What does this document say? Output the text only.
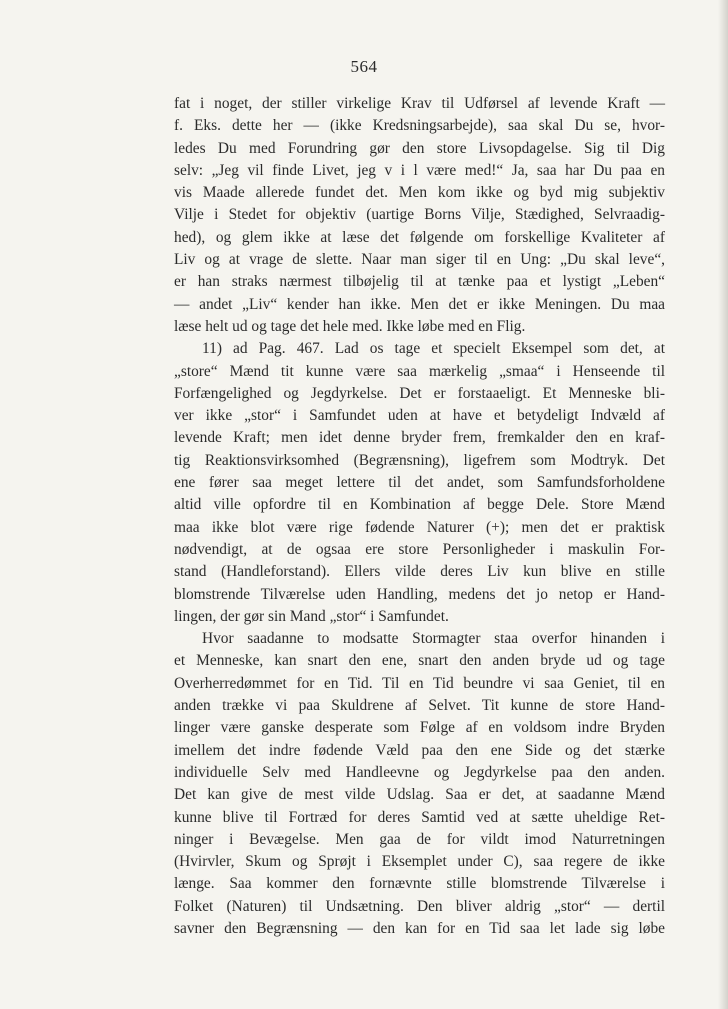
564
fat i noget, der stiller virkelige Krav til Udførsel af levende Kraft —
f. Eks. dette her — (ikke Kredsningsarbejde), saa skal Du se, hvor-
ledes Du med Forundring gør den store Livsopdagelse. Sig til Dig
selv: „Jeg vil finde Livet, jeg v i l være med!“ Ja, saa har Du paa en
vis Maade allerede fundet det. Men kom ikke og byd mig subjektiv
Vilje i Stedet for objektiv (uartige Borns Vilje, Stædighed, Selvraadig-
hed), og glem ikke at læse det følgende om forskellige Kvaliteter af
Liv og at vrage de slette. Naar man siger til en Ung: „Du skal leve“,
er han straks nærmest tilbøjelig til at tænke paa et lystigt „Leben“
— andet „Liv“ kender han ikke. Men det er ikke Meningen. Du maa
læse helt ud og tage det hele med. Ikke løbe med en Flig.
11) ad Pag. 467. Lad os tage et specielt Eksempel som det, at
„store“ Mænd tit kunne være saa mærkelig „smaa“ i Henseende til
Forfængelighed og Jegdyrkelse. Det er forstaaeligt. Et Menneske bli-
ver ikke „stor“ i Samfundet uden at have et betydeligt Indvæld af
levende Kraft; men idet denne bryder frem, fremkalder den en kraf-
tig Reaktionsvirksomhed (Begrænsning), ligefrem som Modtryk. Det
ene fører saa meget lettere til det andet, som Samfundsforholdene
altid ville opfordre til en Kombination af begge Dele. Store Mænd
maa ikke blot være rige fødende Naturer (+); men det er praktisk
nødvendigt, at de ogsaa ere store Personligheder i maskulin For-
stand (Handleforstand). Ellers vilde deres Liv kun blive en stille
blomstrende Tilværelse uden Handling, medens det jo netop er Hand-
lingen, der gør sin Mand „stor“ i Samfundet.
Hvor saadanne to modsatte Stormagter staa overfor hinanden i
et Menneske, kan snart den ene, snart den anden bryde ud og tage
Overherredømmet for en Tid. Til en Tid beundre vi saa Geniet, til en
anden trække vi paa Skuldrene af Selvet. Tit kunne de store Hand-
linger være ganske desperate som Følge af en voldsom indre Bryden
imellem det indre fødende Væld paa den ene Side og det stærke
individuelle Selv med Handleevne og Jegdyrkelse paa den anden.
Det kan give de mest vilde Udslag. Saa er det, at saadanne Mænd
kunne blive til Fortræd for deres Samtid ved at sætte uheldige Ret-
ninger i Bevægelse. Men gaa de for vildt imod Naturretningen
(Hvirvler, Skum og Sprøjt i Eksemplet under C), saa regere de ikke
længe. Saa kommer den fornævnte stille blomstrende Tilværelse i
Folket (Naturen) til Undsætning. Den bliver aldrig „stor“ — dertil
savner den Begrænsning — den kan for en Tid saa let lade sig løbe
